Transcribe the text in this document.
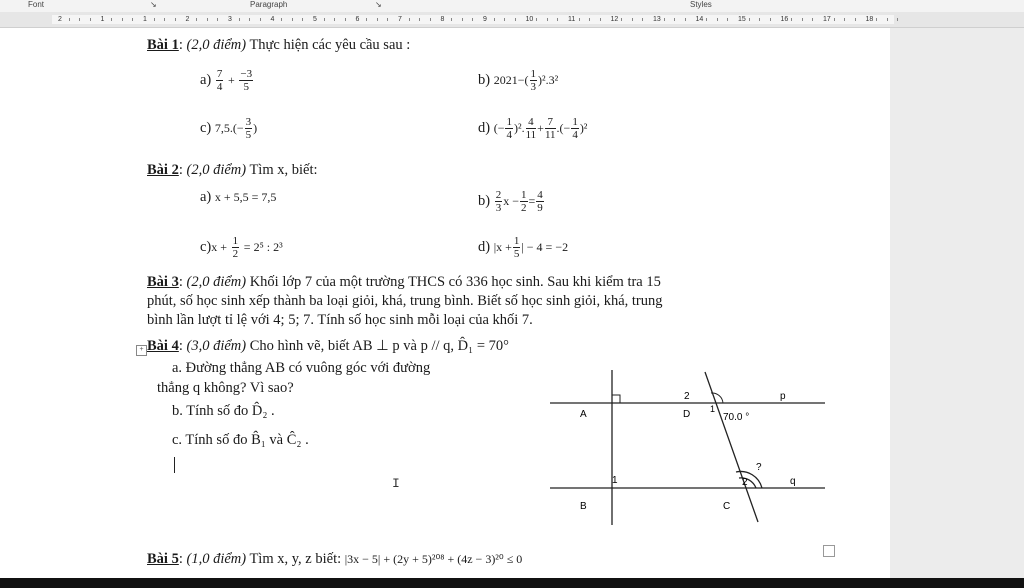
Font	↘	Paragraph	↘	Styles
2	1	1	2	3	4	5	6	7	8	9	10	11	12	13	14	15	16	17	18
+
Bài 1: (2,0 điểm) Thực hiện các yêu cầu sau :
$a) \frac{7}{4} + \frac{-3}{5}$	b) $2021-( \frac{1}{3} )^2.3^2$
c) $7,5.(- \frac{3}{5}$ )	d) (− $\frac{1}{4} )^2$. $\frac{4}{11} + \frac{7}{11}$ .(− $\frac{1}{4} )^2$
Bài 2: (2,0 điểm) Tìm x, biết:
a) x + 5,5 = 7,5	$b) \frac{2}{3}$ $x - \frac{1}{2} = \frac{4}{9}$
$c)x + \frac{1}{2} = 2^5$ : 2³	d) $|x + \frac{1}{5}$ | − 4 = −2
Bài 3: (2,0 điểm) Khối lớp 7 của một trường THCS có 336 học sinh. Sau khi kiểm tra 15
phút, số học sinh xếp thành ba loại giỏi, khá, trung bình. Biết số học sinh giỏi, khá, trung
bình lần lượt tỉ lệ với 4; 5; 7. Tính số học sinh mỗi loại của khối 7.
Bài 4: (3,0 điểm) Cho hình vẽ, biết AB ⊥ p và p // q, D̂₁ = 70°
a. Đường thẳng AB có vuông góc với đường
thẳng q không? Vì sao?
b. Tính số đo D̂₂ .
c. Tính số đo B̂₁ và Ĉ₂ .
I
A
B	C
D
p
q
2
1
70.0 °
1	2
?
Bài 5: (1,0 điểm) Tìm x, y, z biết: |3x − 5| + (2y + 5)²⁰⁸ + (4z − 3)²⁰ ≤ 0
